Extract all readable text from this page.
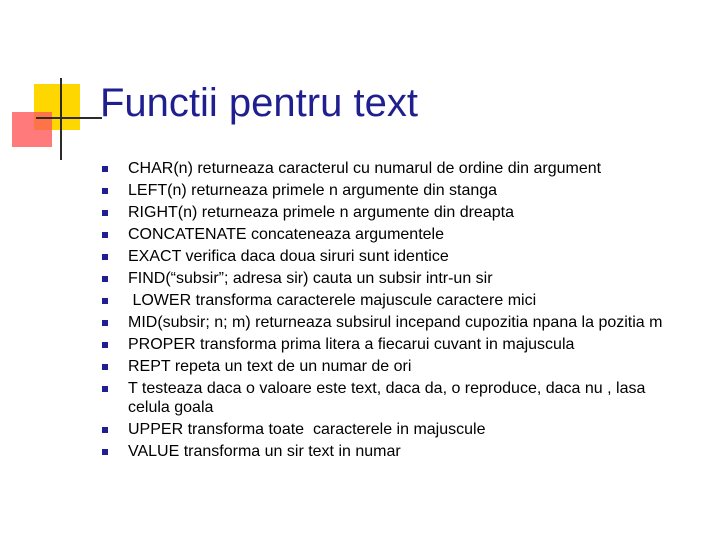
Functii pentru text
CHAR(n) returneaza caracterul cu numarul de ordine din argument
LEFT(n) returneaza primele n argumente din stanga
RIGHT(n) returneaza primele n argumente din dreapta
CONCATENATE concateneaza argumentele
EXACT verifica daca doua siruri sunt identice
FIND(“subsir”; adresa sir) cauta un subsir intr-un sir
LOWER transforma caracterele majuscule caractere mici
MID(subsir; n; m) returneaza subsirul incepand cupozitia npana la pozitia m
PROPER transforma prima litera a fiecarui cuvant in majuscula
REPT repeta un text de un numar de ori
T testeaza daca o valoare este text, daca da, o reproduce, daca nu , lasa celula goala
UPPER transforma toate  caracterele in majuscule
VALUE transforma un sir text in numar
